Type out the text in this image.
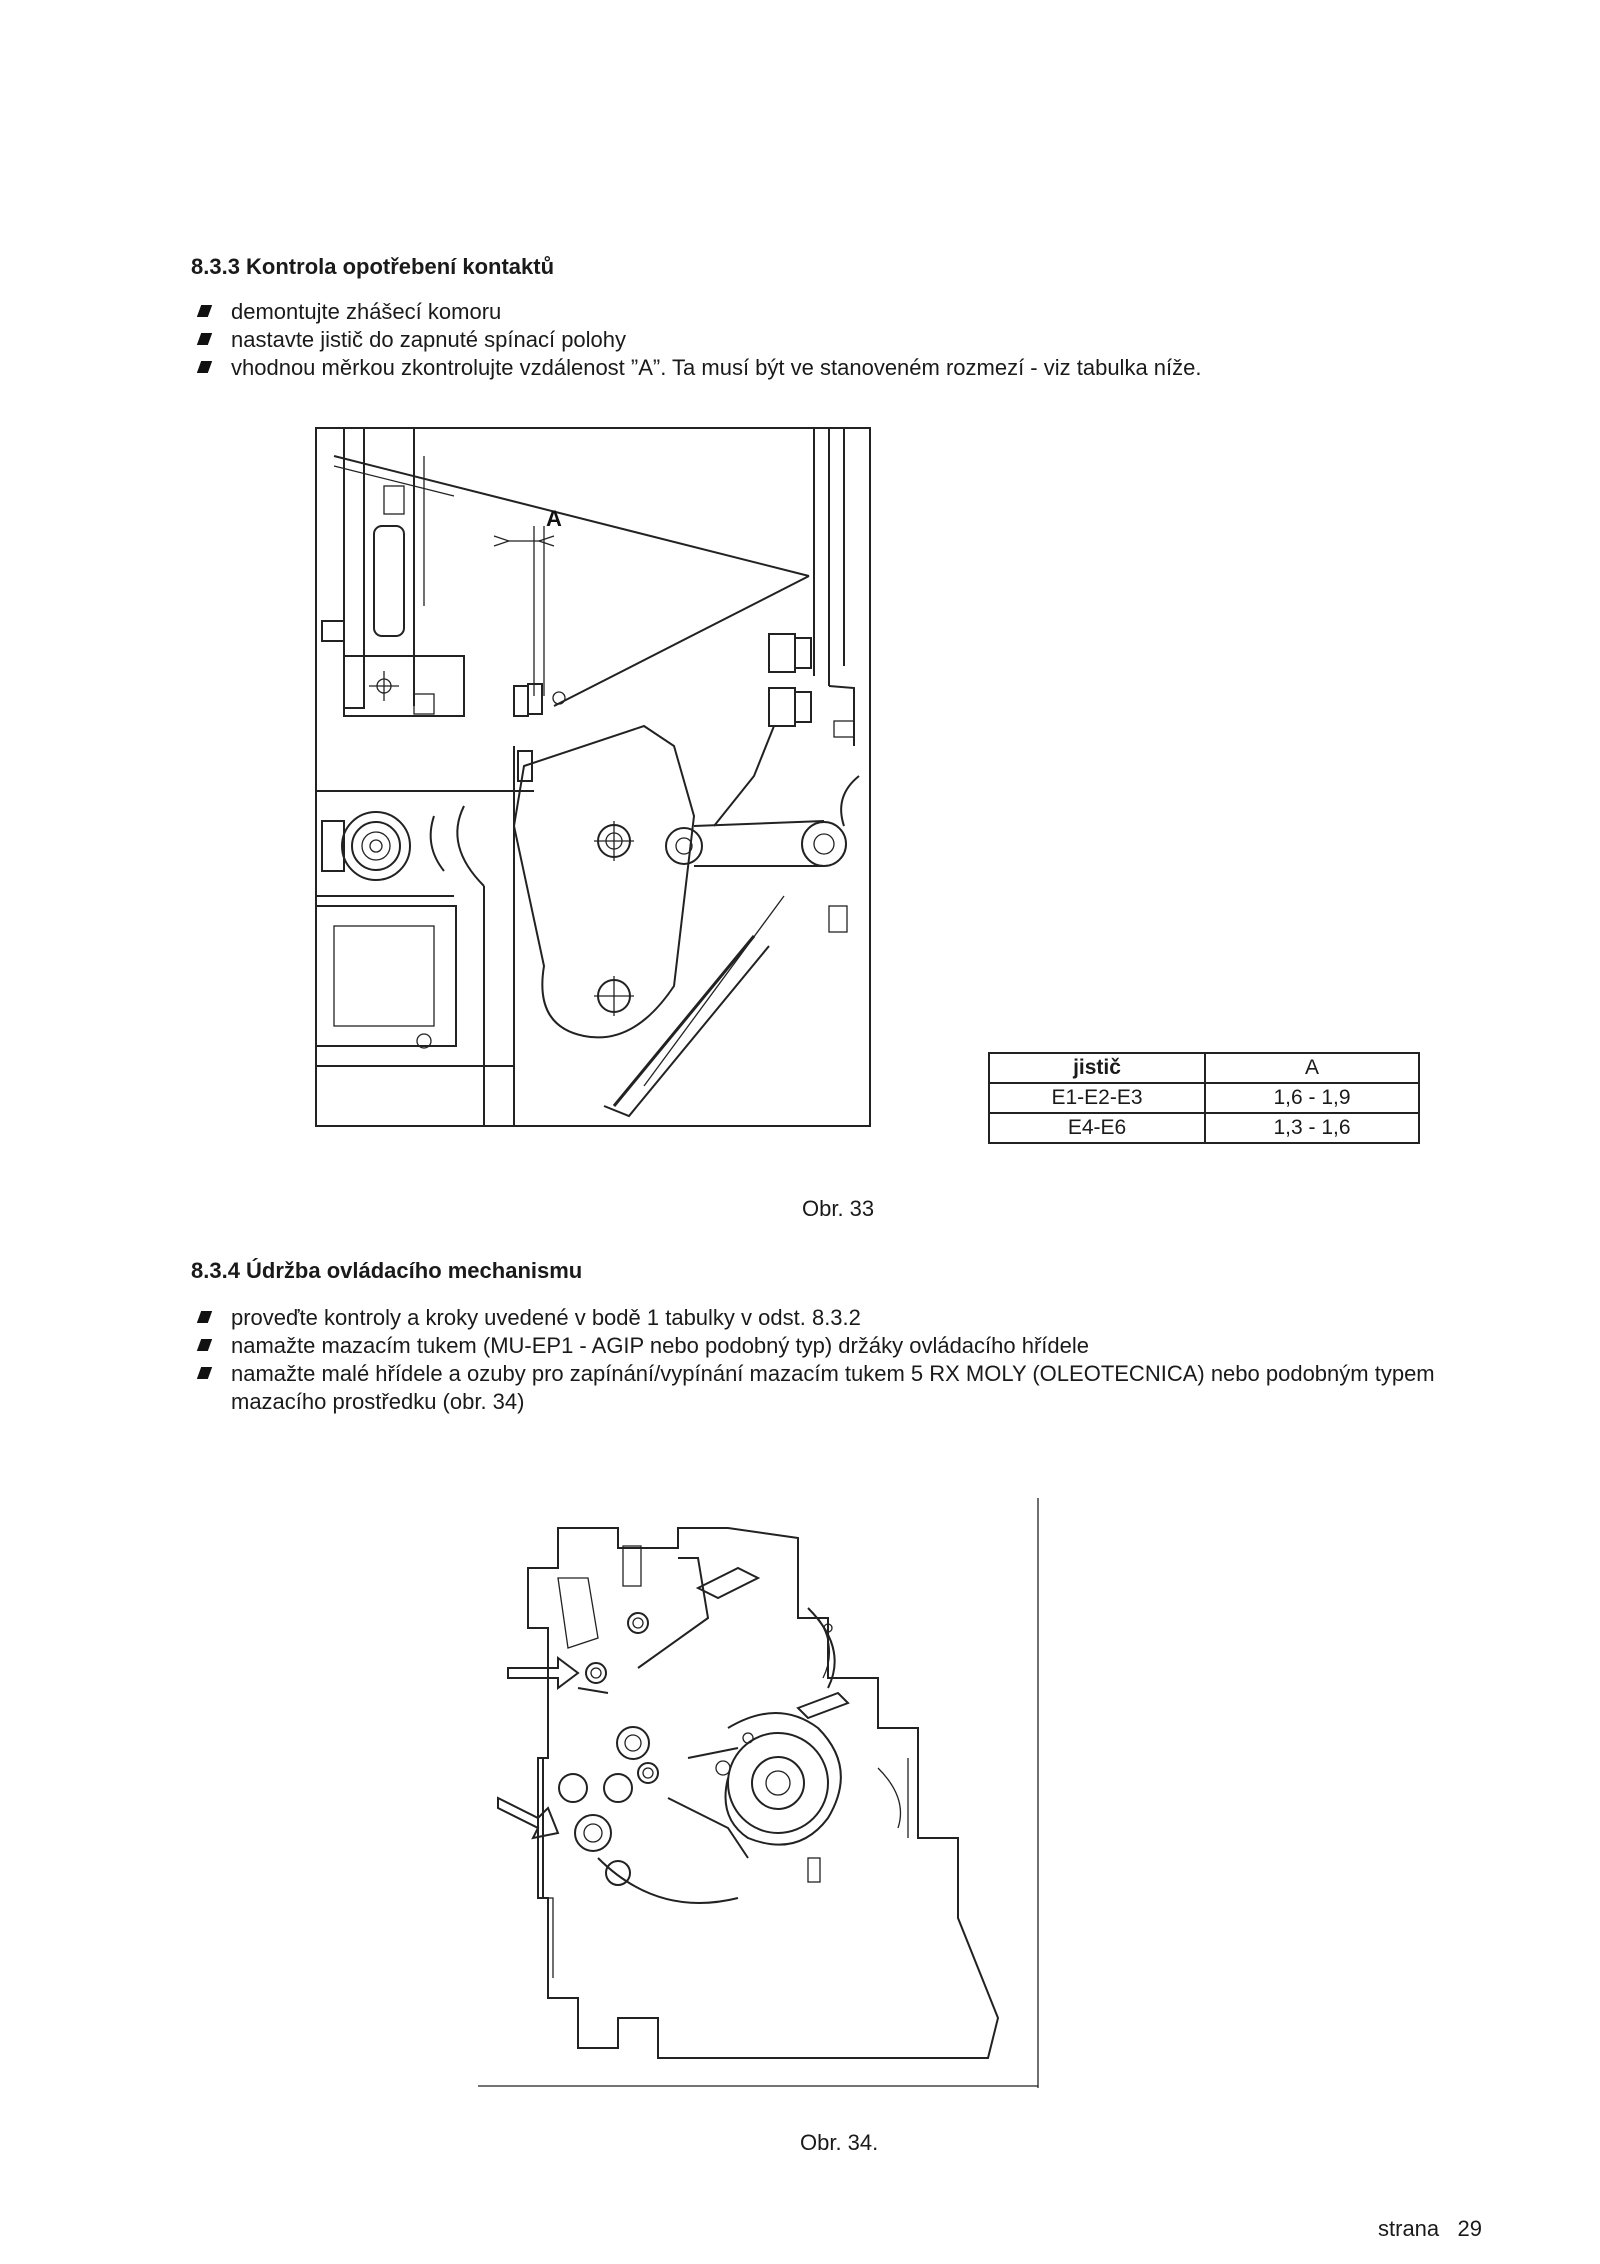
8.3.3 Kontrola opotřebení kontaktů
demontujte zhášecí komoru
nastavte jistič do zapnuté spínací polohy
vhodnou měrkou zkontrolujte vzdálenost ”A”. Ta musí být ve stanoveném rozmezí - viz tabulka níže.
A
jistič	A
E1-E2-E3	1,6 - 1,9
E4-E6	1,3 - 1,6
Obr. 33
8.3.4 Údržba ovládacího mechanismu
proveďte kontroly a kroky uvedené v bodě 1 tabulky v odst. 8.3.2
namažte mazacím tukem (MU-EP1 - AGIP nebo podobný typ) držáky ovládacího hřídele
namažte malé hřídele a ozuby pro zapínání/vypínání mazacím tukem 5 RX MOLY (OLEOTECNICA) nebo podobným typem mazacího prostředku (obr. 34)
Obr. 34.
strana 29
